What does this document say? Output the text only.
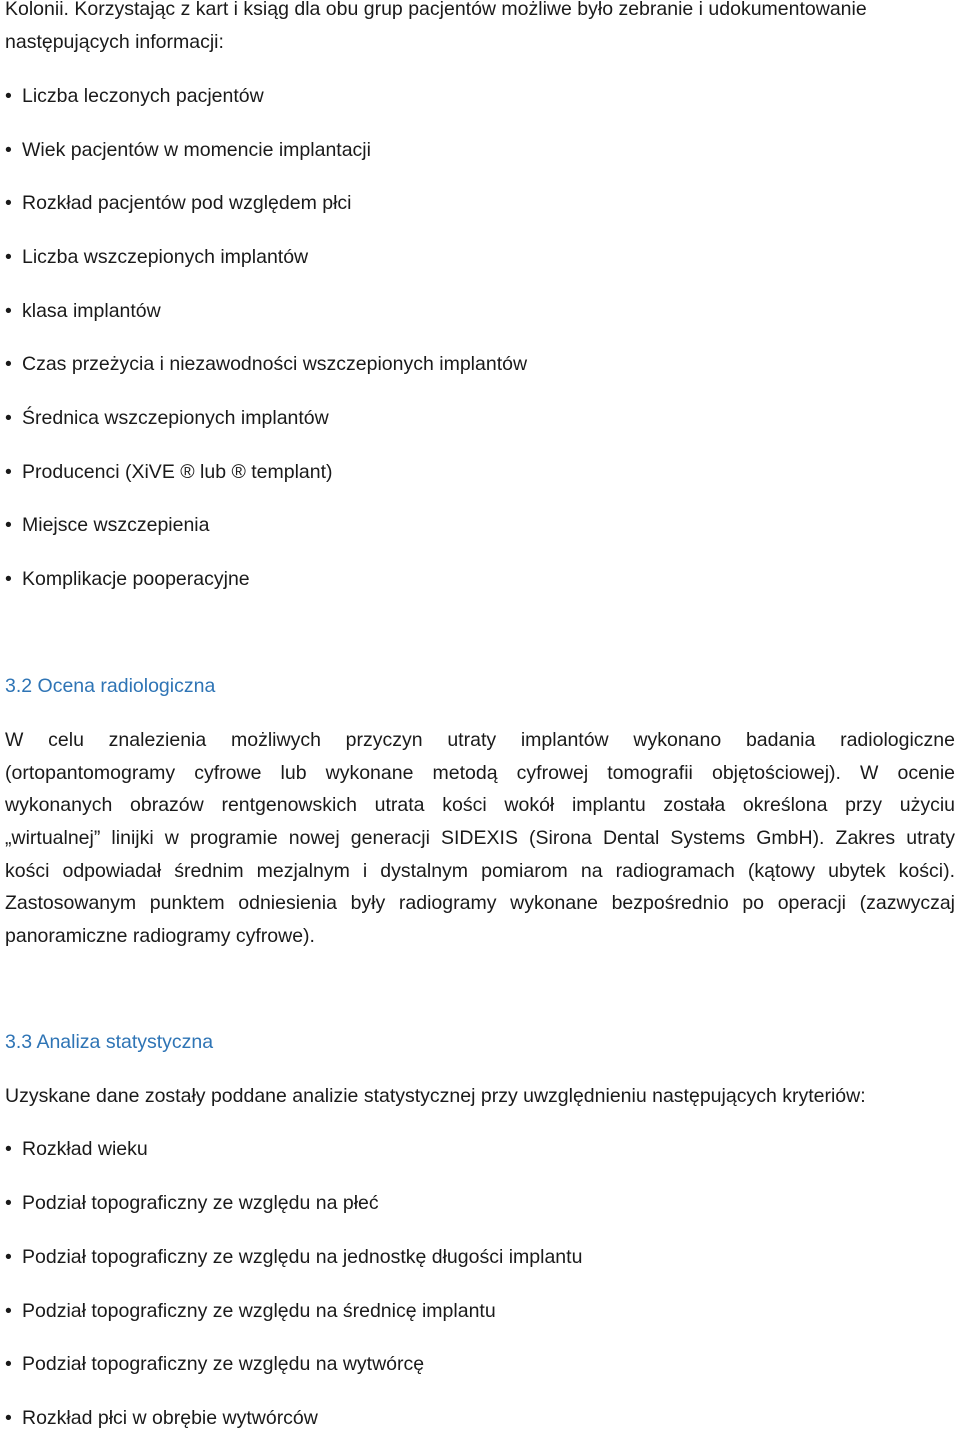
Kolonii. Korzystając z kart i ksiąg dla obu grup pacjentów możliwe było zebranie i udokumentowanie
następujących informacji:
• Liczba leczonych pacjentów
• Wiek pacjentów w momencie implantacji
• Rozkład pacjentów pod względem płci
• Liczba wszczepionych implantów
• klasa implantów
• Czas przeżycia i niezawodności wszczepionych implantów
• Średnica wszczepionych implantów
• Producenci (XiVE ® lub ® templant)
• Miejsce wszczepienia
• Komplikacje pooperacyjne
3.2 Ocena radiologiczna
W celu znalezienia możliwych przyczyn utraty implantów wykonano badania radiologiczne
(ortopantomogramy cyfrowe lub wykonane metodą cyfrowej tomografii objętościowej). W ocenie
wykonanych obrazów rentgenowskich utrata kości wokół implantu została określona przy użyciu
„wirtualnej” linijki w programie nowej generacji SIDEXIS (Sirona Dental Systems GmbH). Zakres utraty
kości odpowiadał średnim mezjalnym i dystalnym pomiarom na radiogramach (kątowy ubytek kości).
Zastosowanym punktem odniesienia były radiogramy wykonane bezpośrednio po operacji (zazwyczaj
panoramiczne radiogramy cyfrowe).
3.3 Analiza statystyczna
Uzyskane dane zostały poddane analizie statystycznej przy uwzględnieniu następujących kryteriów:
• Rozkład wieku
• Podział topograficzny ze względu na płeć
• Podział topograficzny ze względu na jednostkę długości implantu
• Podział topograficzny ze względu na średnicę implantu
• Podział topograficzny ze względu na wytwórcę
• Rozkład płci w obrębie wytwórców
